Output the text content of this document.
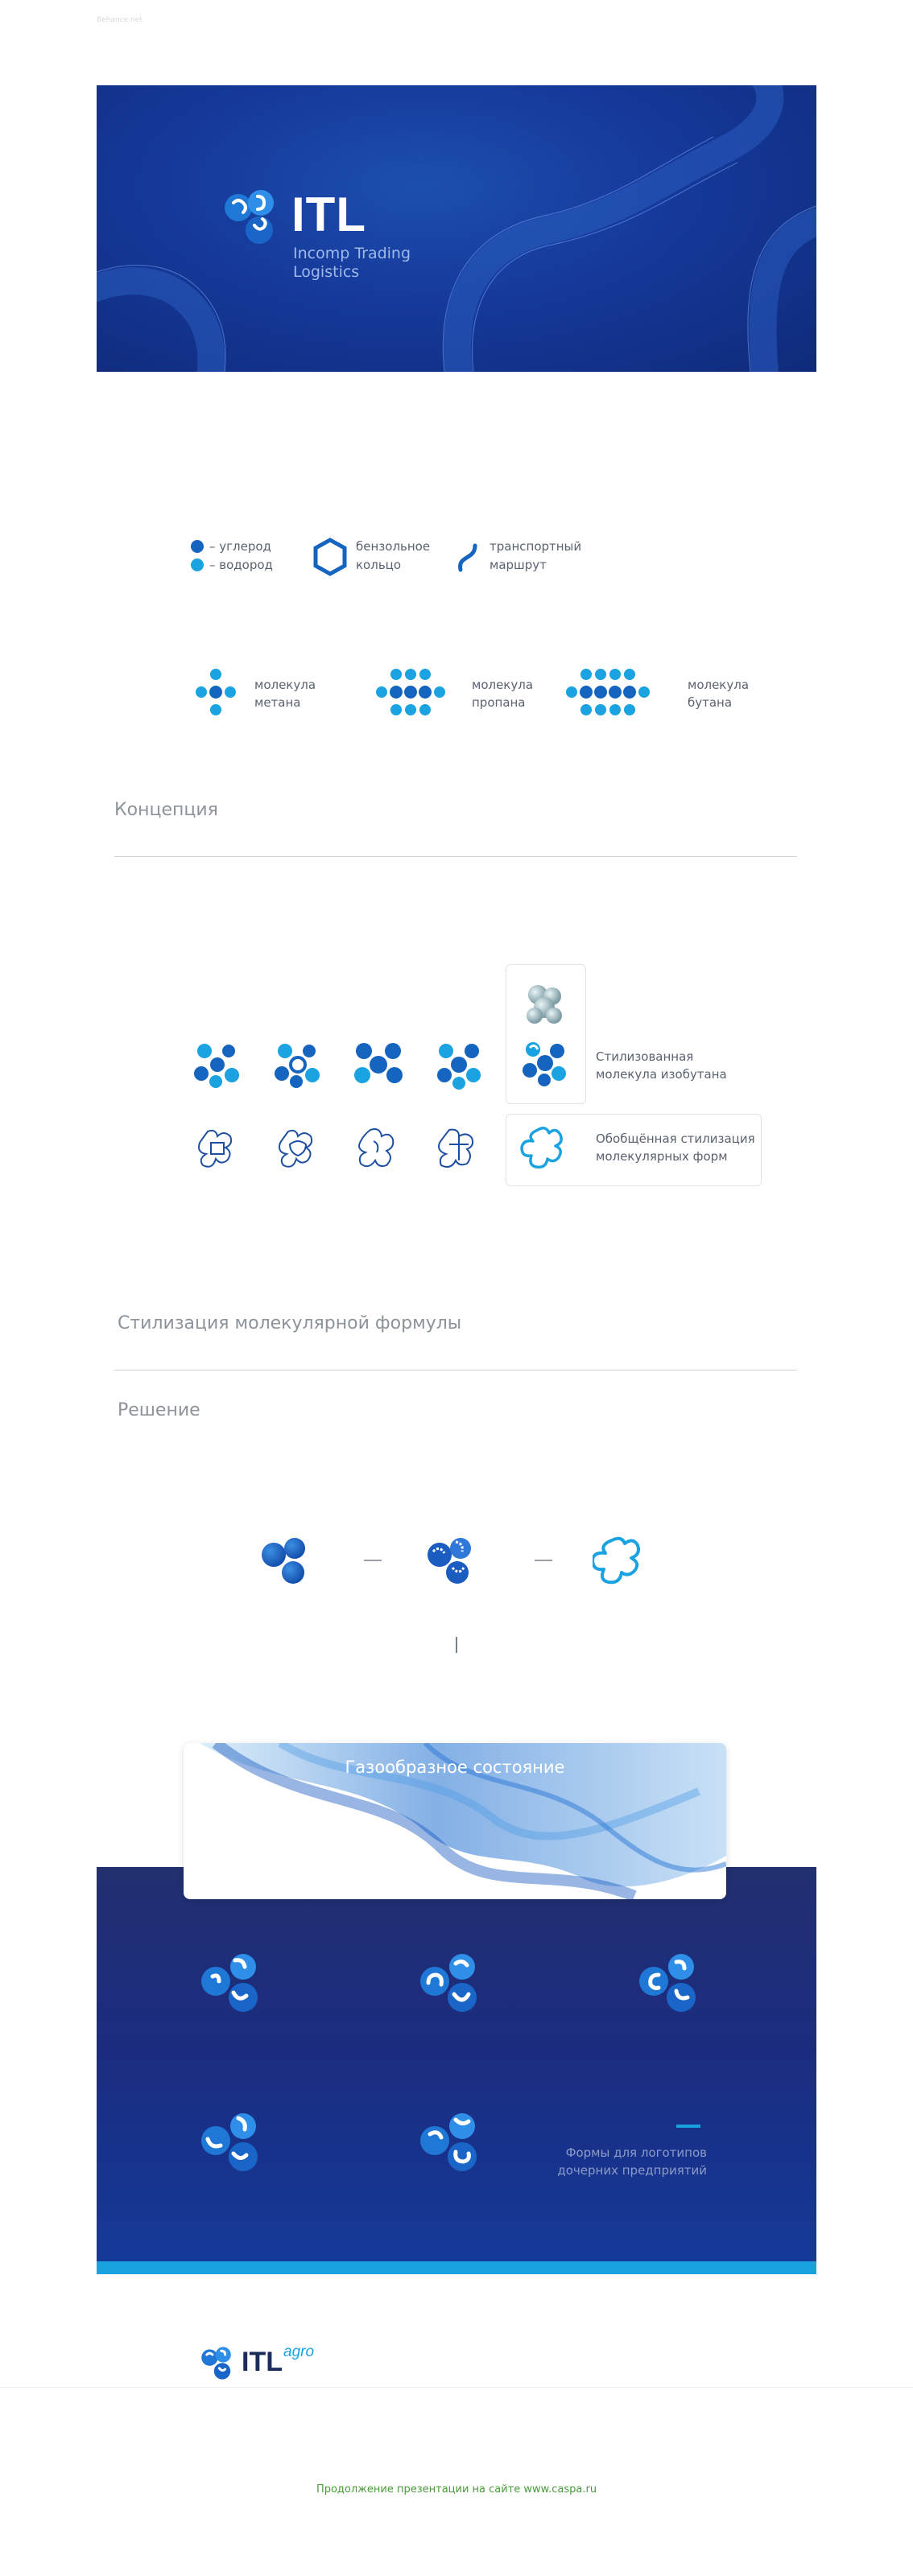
Behance.net
ITL
Incomp Trading
Logistics
– углерод
– водород
бензольное
кольцо
транспортный
маршрут
молекула
метана
молекула
пропана
молекула
бутана
Концепция
Стилизованная
молекула изобутана
Обобщённая стилизация
молекулярных форм
Стилизация молекулярной формулы
Решение
Газообразное состояние
Формы для логотипов
дочерних предприятий
ITL agro
Продолжение презентации на сайте www.caspa.ru
